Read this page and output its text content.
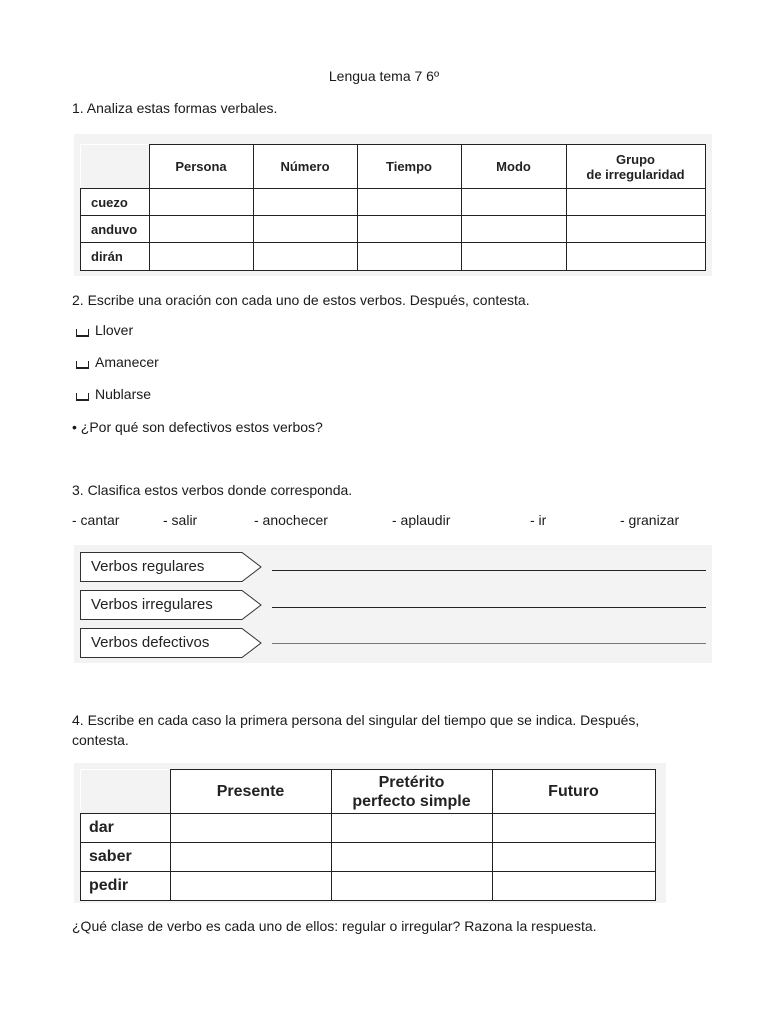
Lengua tema 7 6º
1. Analiza estas formas verbales.
	Persona	Número	Tiempo	Modo	Grupo
de irregularidad

cuezo					
anduvo					
dirán					
2. Escribe una oración con cada uno de estos verbos. Después, contesta.
Llover
Amanecer
Nublarse
• ¿Por qué son defectivos estos verbos?
3. Clasifica estos verbos donde corresponda.
- cantar	- salir	- anochecer	- aplaudir	- ir	- granizar
Verbos regulares
Verbos irregulares
Verbos defectivos
4. Escribe en cada caso la primera persona del singular del tiempo que se indica. Después,
contesta.
	Presente	Pretérito
perfecto simple	Futuro
dar			
saber			
pedir			
¿Qué clase de verbo es cada uno de ellos: regular o irregular? Razona la respuesta.
